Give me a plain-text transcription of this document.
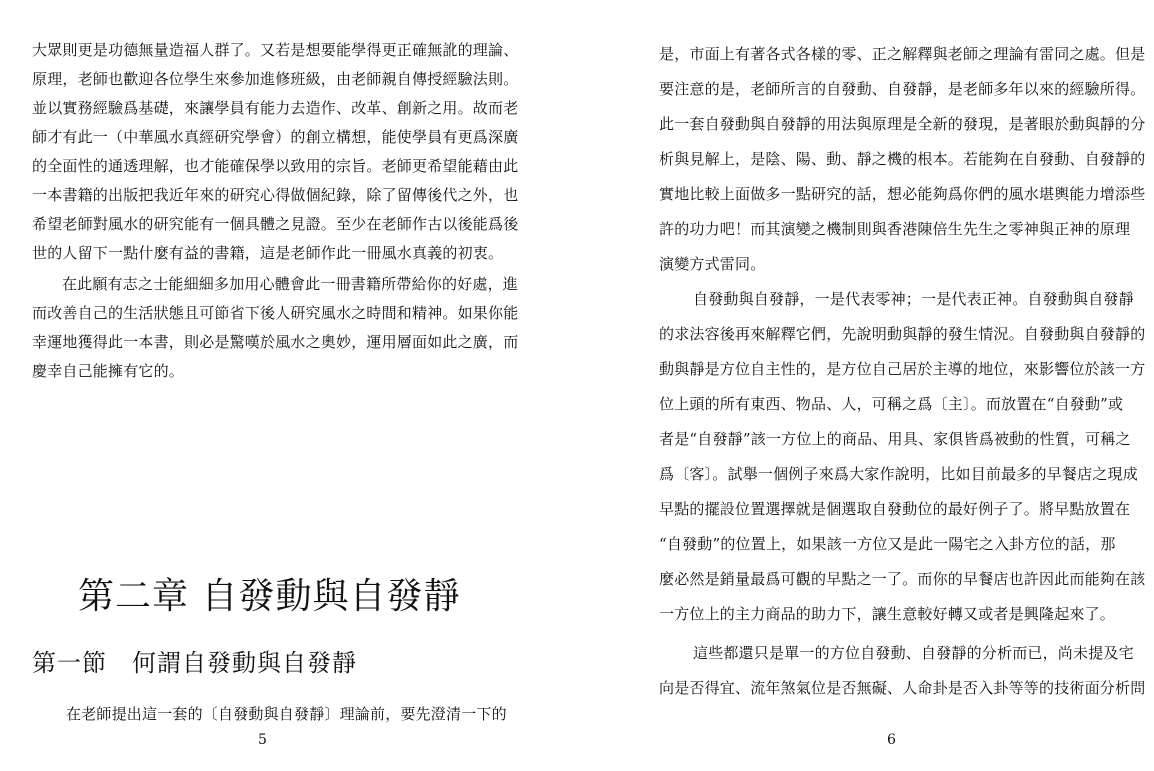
大眾則更是功德無量造福人群了。又若是想要能學得更正確無訛的理論、
原理，老師也歡迎各位學生來參加進修班級，由老師親自傳授經驗法則。
並以實務經驗爲基礎，來讓學員有能力去造作、改革、創新之用。故而老
師才有此一（中華風水真經研究學會）的創立構想，能使學員有更爲深廣
的全面性的通透理解，也才能確保學以致用的宗旨。老師更希望能藉由此
一本書籍的出版把我近年來的研究心得做個紀錄，除了留傳後代之外，也
希望老師對風水的研究能有一個具體之見證。至少在老師作古以後能爲後
世的人留下一點什麼有益的書籍，這是老師作此一冊風水真義的初衷。
在此願有志之士能細細多加用心體會此一冊書籍所帶給你的好處，進
而改善自己的生活狀態且可節省下後人研究風水之時間和精神。如果你能
幸運地獲得此一本書，則必是驚嘆於風水之奧妙，運用層面如此之廣，而
慶幸自己能擁有它的。
第二章 自發動與自發靜
第一節　何謂自發動與自發靜
在老師提出這一套的〔自發動與自發靜〕理論前，要先澄清一下的
5
是，市面上有著各式各樣的零、正之解釋與老師之理論有雷同之處。但是
要注意的是，老師所言的自發動、自發靜，是老師多年以來的經驗所得。
此一套自發動與自發靜的用法與原理是全新的發現，是著眼於動與靜的分
析與見解上，是陰、陽、動、靜之機的根本。若能夠在自發動、自發靜的
實地比較上面做多一點研究的話，想必能夠爲你們的風水堪輿能力增添些
許的功力吧！而其演變之機制則與香港陳倍生先生之零神與正神的原理
演變方式雷同。
自發動與自發靜，一是代表零神；一是代表正神。自發動與自發靜
的求法容後再來解釋它們，先說明動與靜的發生情況。自發動與自發靜的
動與靜是方位自主性的，是方位自己居於主導的地位，來影響位於該一方
位上頭的所有東西、物品、人，可稱之爲〔主〕。而放置在“自發動”或
者是“自發靜”該一方位上的商品、用具、家俱皆爲被動的性質，可稱之
爲〔客〕。試舉一個例子來爲大家作說明，比如目前最多的早餐店之現成
早點的擺設位置選擇就是個選取自發動位的最好例子了。將早點放置在
“自發動”的位置上，如果該一方位又是此一陽宅之入卦方位的話，那
麼必然是銷量最爲可觀的早點之一了。而你的早餐店也許因此而能夠在該
一方位上的主力商品的助力下，讓生意較好轉又或者是興隆起來了。
這些都還只是單一的方位自發動、自發靜的分析而已，尚未提及宅
向是否得宜、流年煞氣位是否無礙、人命卦是否入卦等等的技術面分析問
6
